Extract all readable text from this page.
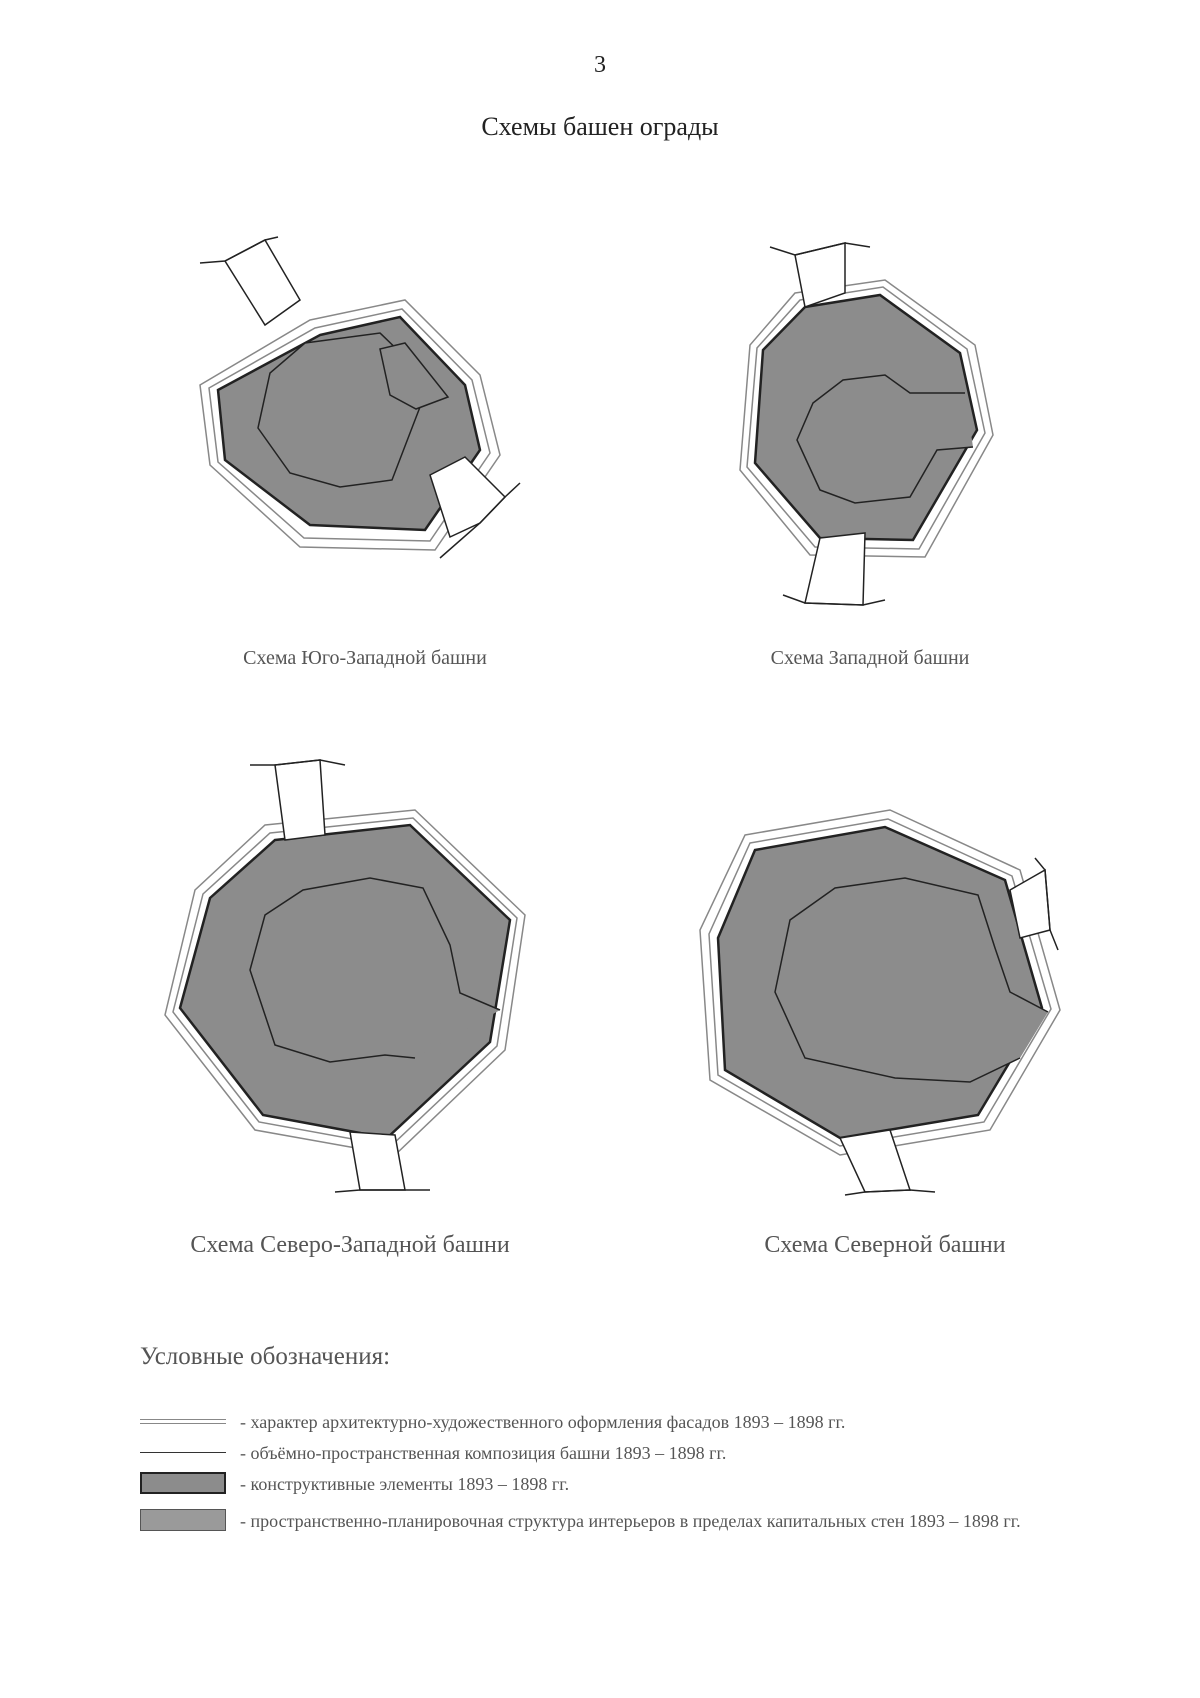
3
Схемы башен ограды
Схема Юго-Западной башни	Схема Западной башни
Схема Северо-Западной башни	Схема Северной башни
Условные обозначения:
- характер архитектурно-художественного оформления фасадов 1893 – 1898 гг.
- объёмно-пространственная композиция башни 1893 – 1898 гг.
- конструктивные элементы 1893 – 1898 гг.
- пространственно-планировочная структура интерьеров в пределах капитальных стен 1893 – 1898 гг.
